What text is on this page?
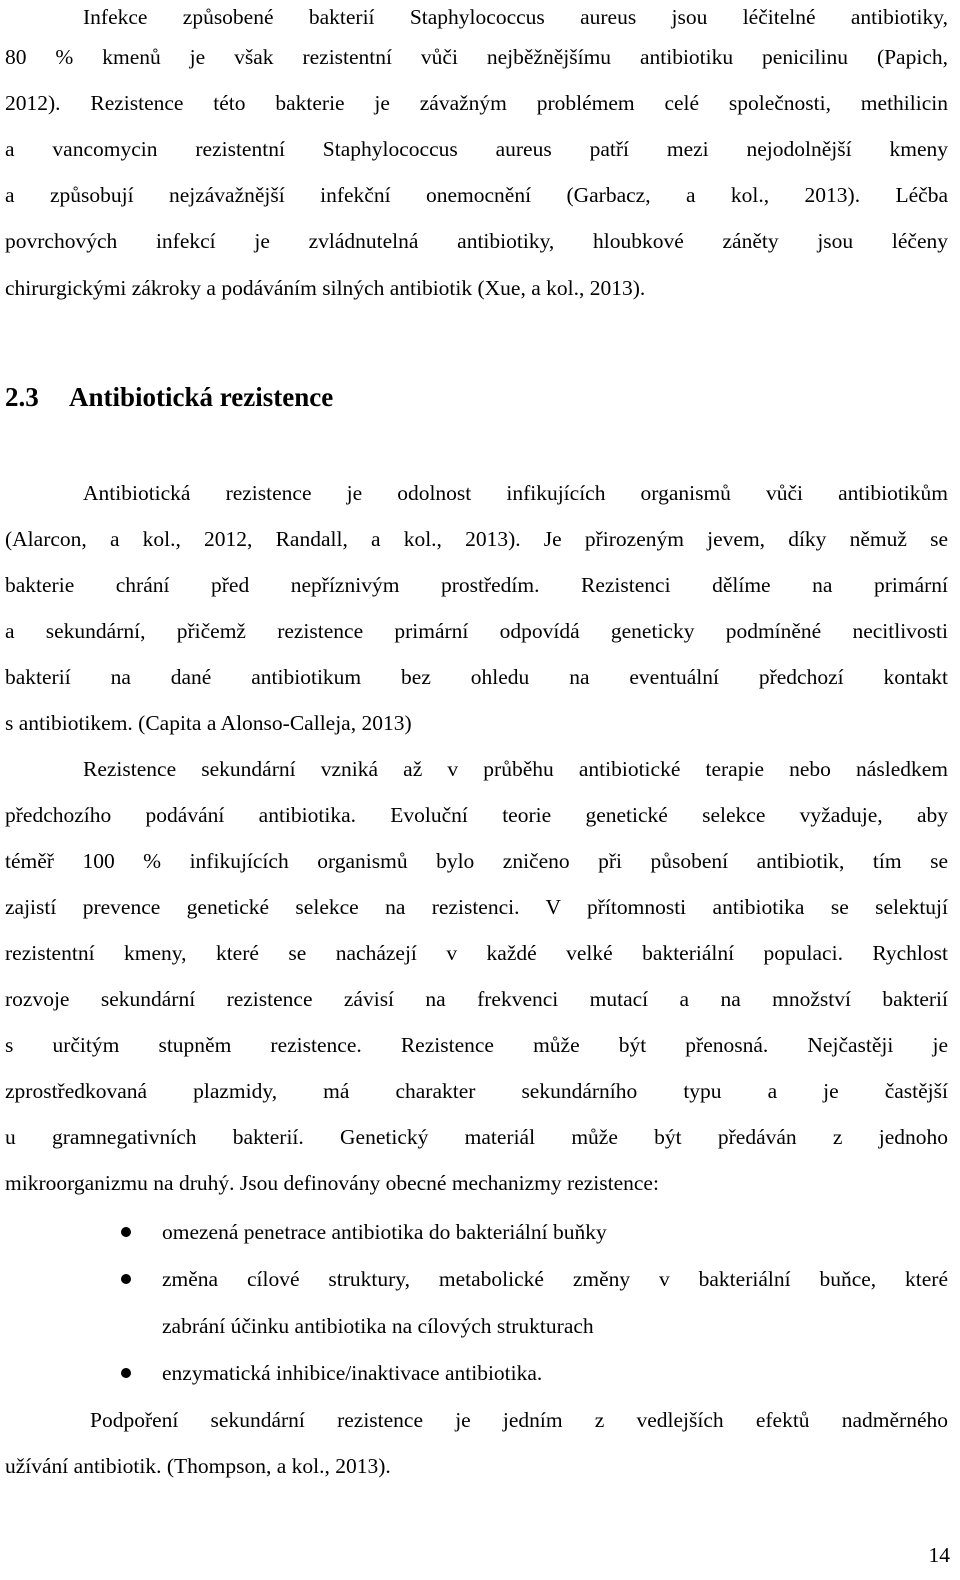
Infekce způsobené bakterií Staphylococcus aureus jsou léčitelné antibiotiky,
80 % kmenů je však rezistentní vůči nejběžnějšímu antibiotiku penicilinu (Papich,
2012). Rezistence této bakterie je závažným problémem celé společnosti, methilicin
a vancomycin rezistentní Staphylococcus aureus patří mezi nejodolnější kmeny
a způsobují nejzávažnější infekční onemocnění (Garbacz, a kol., 2013). Léčba
povrchových infekcí je zvládnutelná antibiotiky, hloubkové záněty jsou léčeny
chirurgickými zákroky a podáváním silných antibiotik (Xue, a kol., 2013).
2.3 Antibiotická rezistence
Antibiotická rezistence je odolnost infikujících organismů vůči antibiotikům
(Alarcon, a kol., 2012, Randall, a kol., 2013). Je přirozeným jevem, díky němuž se
bakterie chrání před nepříznivým prostředím. Rezistenci dělíme na primární
a sekundární, přičemž rezistence primární odpovídá geneticky podmíněné necitlivosti
bakterií na dané antibiotikum bez ohledu na eventuální předchozí kontakt
s antibiotikem. (Capita a Alonso-Calleja, 2013)
Rezistence sekundární vzniká až v průběhu antibiotické terapie nebo následkem
předchozího podávání antibiotika. Evoluční teorie genetické selekce vyžaduje, aby
téměř 100 % infikujících organismů bylo zničeno při působení antibiotik, tím se
zajistí prevence genetické selekce na rezistenci. V přítomnosti antibiotika se selektují
rezistentní kmeny, které se nacházejí v každé velké bakteriální populaci. Rychlost
rozvoje sekundární rezistence závisí na frekvenci mutací a na množství bakterií
s určitým stupněm rezistence. Rezistence může být přenosná. Nejčastěji je
zprostředkovaná plazmidy, má charakter sekundárního typu a je častější
u gramnegativních bakterií. Genetický materiál může být předáván z jednoho
mikroorganizmu na druhý. Jsou definovány obecné mechanizmy rezistence:
omezená penetrace antibiotika do bakteriální buňky
změna cílové struktury, metabolické změny v bakteriální buňce, které
zabrání účinku antibiotika na cílových strukturach
enzymatická inhibice/inaktivace antibiotika.
Podpoření sekundární rezistence je jedním z vedlejších efektů nadměrného
užívání antibiotik. (Thompson, a kol., 2013).
14
